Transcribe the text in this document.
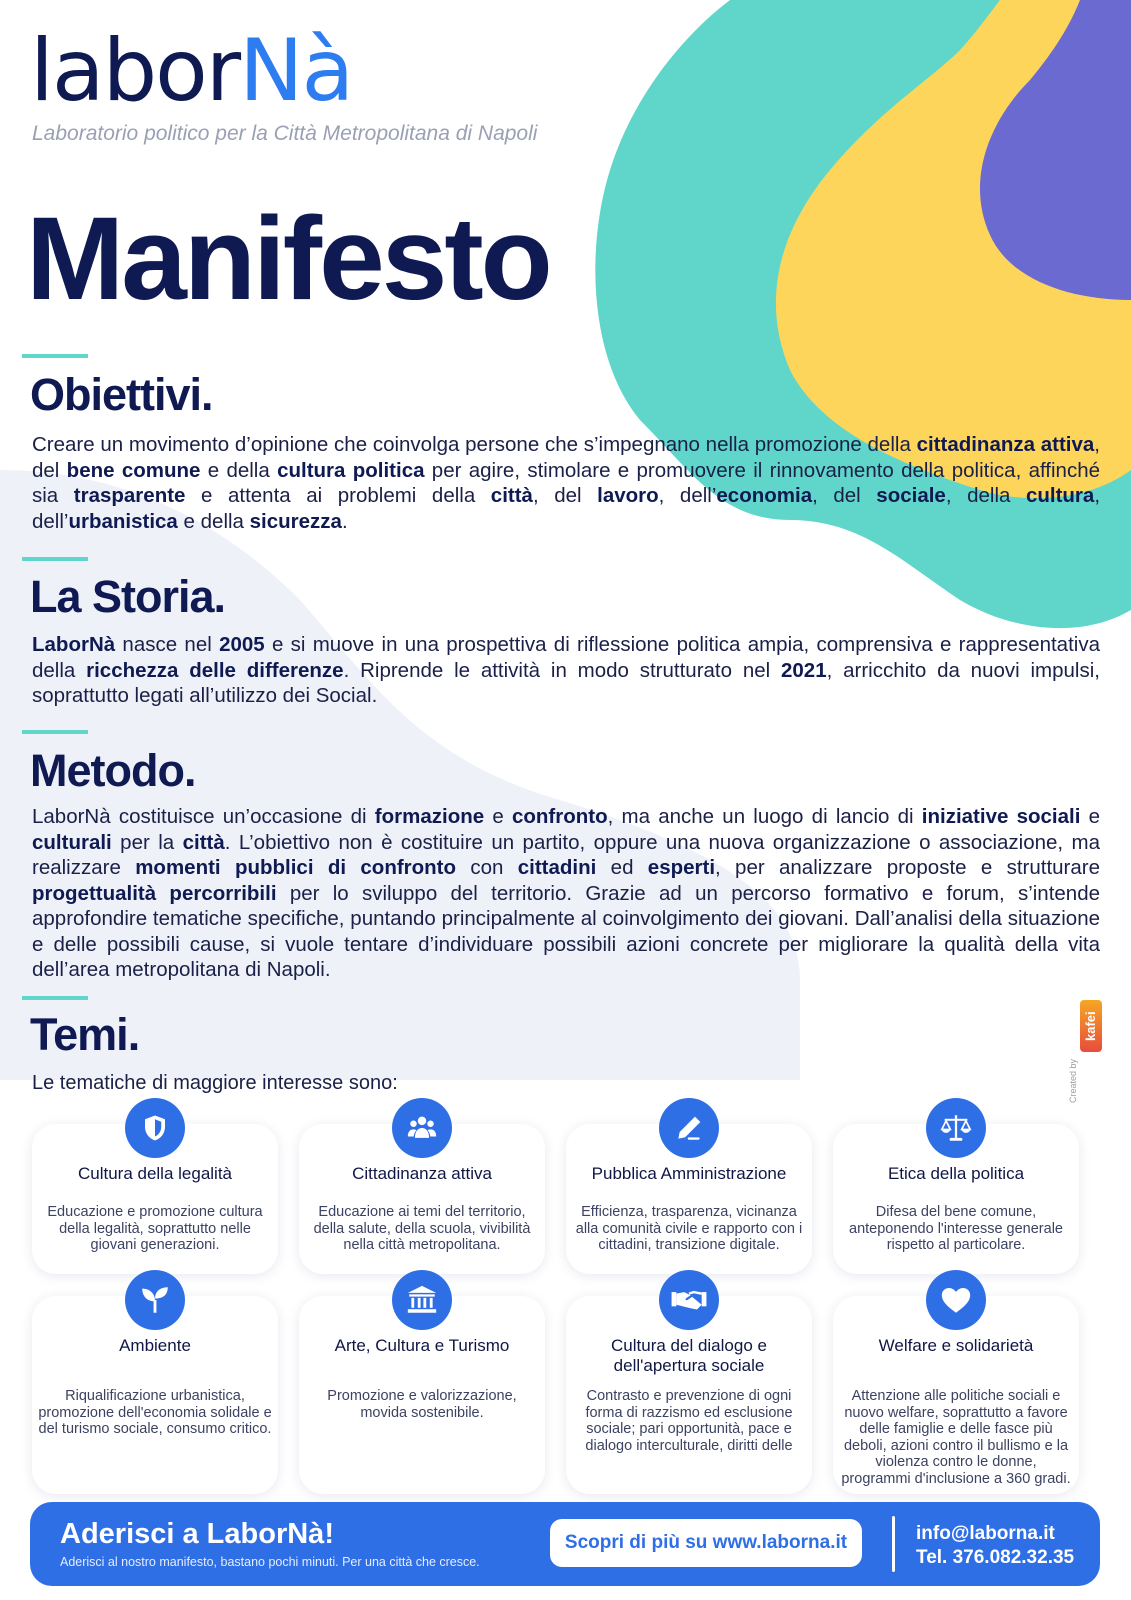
laborNà
Laboratorio politico per la Città Metropolitana di Napoli
Manifesto
Obiettivi.
Creare un movimento d’opinione che coinvolga persone che s’impegnano nella promozione della cittadinanza attiva, del bene comune e della cultura politica per agire, stimolare e promuovere il rinnovamento della politica, affinché sia trasparente e attenta ai problemi della città, del lavoro, dell’economia, del sociale, della cultura, dell’urbanistica e della sicurezza.
La Storia.
LaborNà nasce nel 2005 e si muove in una prospettiva di riflessione politica ampia, comprensiva e rappresentativa della ricchezza delle differenze. Riprende le attività in modo strutturato nel 2021, arricchito da nuovi impulsi, soprattutto legati all’utilizzo dei Social.
Metodo.
LaborNà costituisce un’occasione di formazione e confronto, ma anche un luogo di lancio di iniziative sociali e culturali per la città. L’obiettivo non è costituire un partito, oppure una nuova organizzazione o associazione, ma realizzare momenti pubblici di confronto con cittadini ed esperti, per analizzare proposte e strutturare progettualità percorribili per lo sviluppo del territorio. Grazie ad un percorso formativo e forum, s’intende approfondire tematiche specifiche, puntando principalmente al coinvolgimento dei giovani. Dall’analisi della situazione e delle possibili cause, si vuole tentare d’individuare possibili azioni concrete per migliorare la qualità della vita dell’area metropolitana di Napoli.
Temi.
Le tematiche di maggiore interesse sono:
kafei
Created by
Cultura della legalità
Educazione e promozione cultura della legalità, soprattutto nelle giovani generazioni.
Cittadinanza attiva
Educazione ai temi del territorio, della salute, della scuola, vivibilità nella città metropolitana.
Pubblica Amministrazione
Efficienza, trasparenza, vicinanza alla comunità civile e rapporto con i cittadini, transizione digitale.
Etica della politica
Difesa del bene comune, anteponendo l'interesse generale rispetto al particolare.
Ambiente
Riqualificazione urbanistica, promozione dell'economia solidale e del turismo sociale, consumo critico.
Arte, Cultura e Turismo
Promozione e valorizzazione, movida sostenibile.
Cultura del dialogo e dell'apertura sociale
Contrasto e prevenzione di ogni forma di razzismo ed esclusione sociale; pari opportunità, pace e dialogo interculturale, diritti delle
Welfare e solidarietà
Attenzione alle politiche sociali e nuovo welfare, soprattutto a favore delle famiglie e delle fasce più deboli, azioni contro il bullismo e la violenza contro le donne, programmi d'inclusione a 360 gradi.
Aderisci a LaborNà!
Aderisci al nostro manifesto, bastano pochi minuti. Per una città che cresce.
Scopri di più su www.laborna.it	info@laborna.it
Tel. 376.082.32.35
